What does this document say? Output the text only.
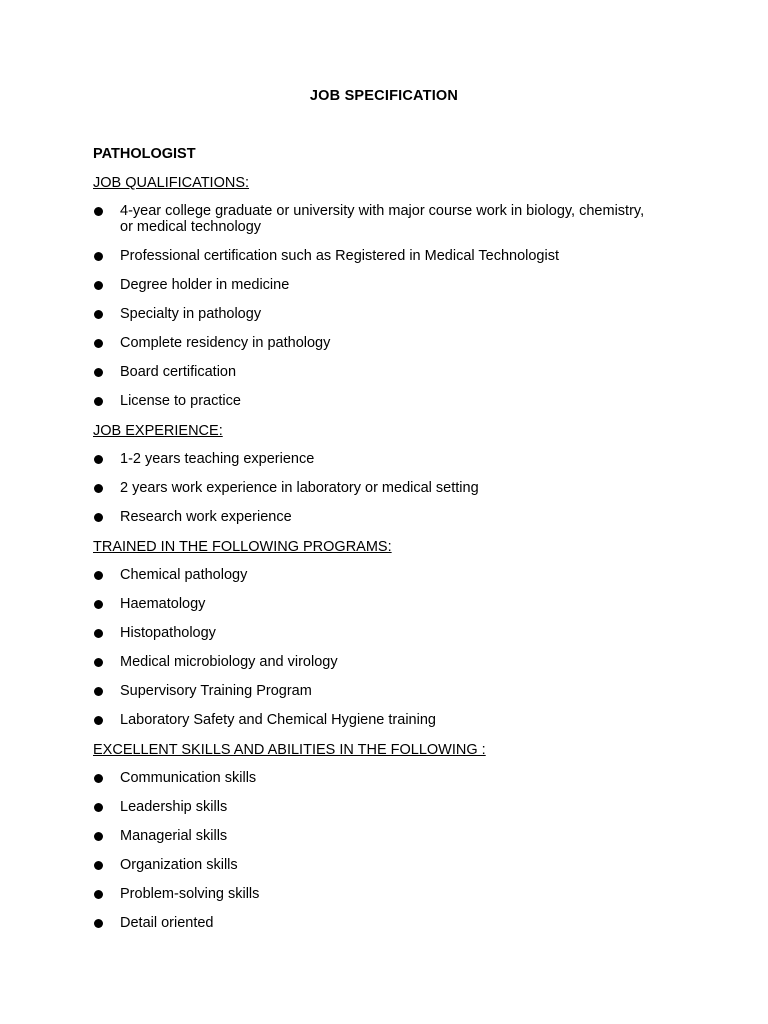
JOB SPECIFICATION
PATHOLOGIST
JOB QUALIFICATIONS:
4-year college graduate or university with major course work in biology, chemistry, or medical technology
Professional certification such as Registered in Medical Technologist
Degree holder in medicine
Specialty in pathology
Complete residency in pathology
Board certification
License to practice
JOB EXPERIENCE:
1-2 years teaching experience
2 years work experience in laboratory or medical setting
Research work experience
TRAINED IN THE FOLLOWING PROGRAMS:
Chemical pathology
Haematology
Histopathology
Medical microbiology and virology
Supervisory Training Program
Laboratory Safety and Chemical Hygiene training
EXCELLENT SKILLS AND ABILITIES IN THE FOLLOWING :
Communication skills
Leadership skills
Managerial skills
Organization skills
Problem-solving skills
Detail oriented
